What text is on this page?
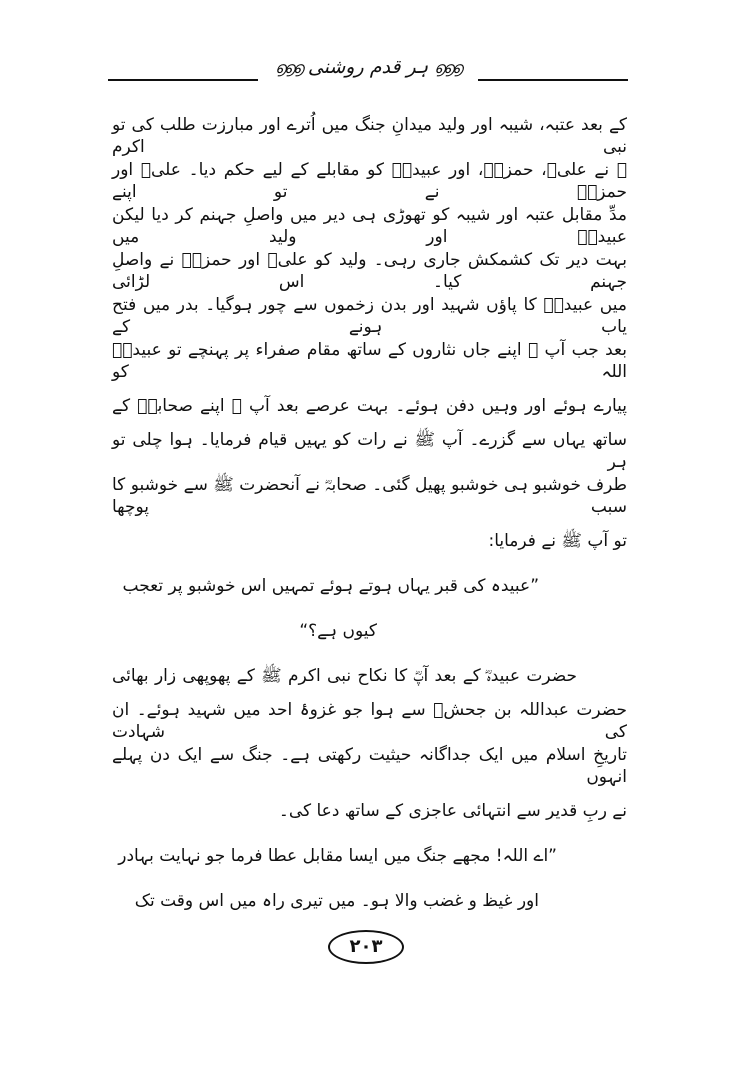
൭൭൭ ہر قدم روشنی ൭൭൭
کے بعد عتبہ، شیبہ اور ولید میدانِ جنگ میں اُترے اور مبارزت طلب کی تو نبی اکرم
ﷺ نے علیؓ، حمزہؓ، اور عبیدہؓ کو مقابلے کے لیے حکم دیا۔ علیؓ اور حمزہؓ نے تو اپنے
مدِّ مقابل عتبہ اور شیبہ کو تھوڑی ہی دیر میں واصلِ جہنم کر دیا لیکن عبیدہؓ اور ولید میں
بہت دیر تک کشمکش جاری رہی۔ ولید کو علیؓ اور حمزہؓ نے واصلِ جہنم کیا۔ اس لڑائی
میں عبیدہؓ کا پاؤں شہید اور بدن زخموں سے چور ہوگیا۔ بدر میں فتح یاب ہونے کے
بعد جب آپ ﷺ اپنے جاں نثاروں کے ساتھ مقام صفراء پر پہنچے تو عبیدہؓ اللہ کو
پیارے ہوئے اور وہیں دفن ہوئے۔ بہت عرصے بعد آپ ﷺ اپنے صحابہؓ کے
ساتھ یہاں سے گزرے۔ آپ ﷺ نے رات کو یہیں قیام فرمایا۔ ہوا چلی تو ہر
طرف خوشبو ہی خوشبو پھیل گئی۔ صحابہؓ نے آنحضرت ﷺ سے خوشبو کا سبب پوچھا
تو آپ ﷺ نے فرمایا:
”عبیدہ کی قبر یہاں ہوتے ہوئے تمہیں اس خوشبو پر تعجب
کیوں ہے؟“
حضرت عبیدہؓ کے بعد آپؓ کا نکاح نبی اکرم ﷺ کے پھوپھی زار بھائی
حضرت عبداللہ بن جحشؓ سے ہوا جو غزوۂ احد میں شہید ہوئے۔ ان کی شہادت
تاریخِ اسلام میں ایک جداگانہ حیثیت رکھتی ہے۔ جنگ سے ایک دن پہلے انہوں
نے ربِ قدیر سے انتہائی عاجزی کے ساتھ دعا کی۔
”اے اللہ! مجھے جنگ میں ایسا مقابل عطا فرما جو نہایت بہادر
اور غیظ و غضب والا ہو۔ میں تیری راہ میں اس وقت تک
۲۰۳
